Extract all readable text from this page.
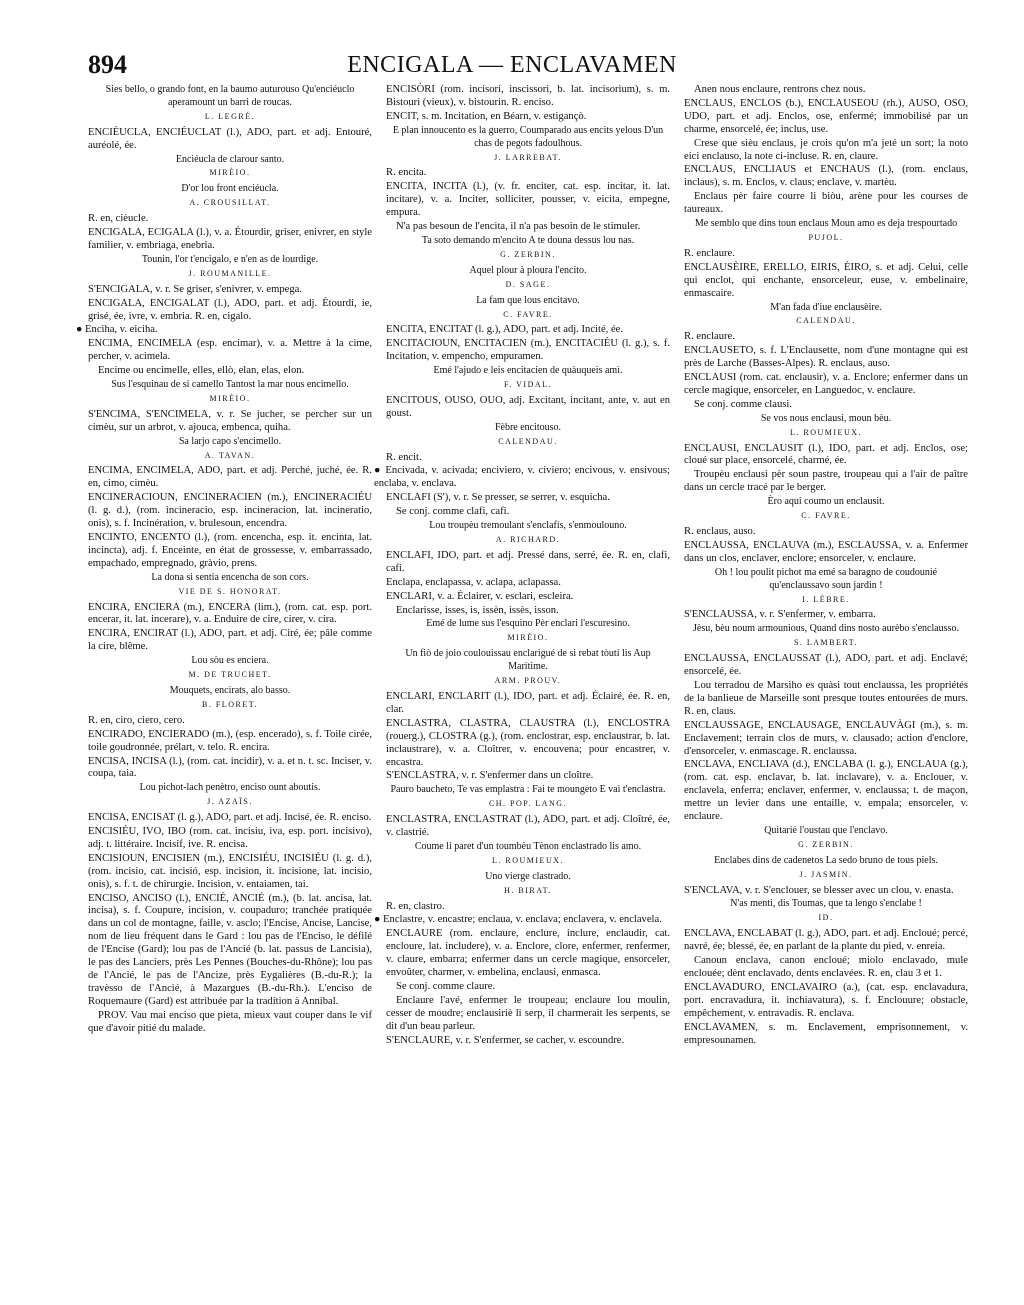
894	ENCIGALA — ENCLAVAMEN

Sies bello, o grando font, en la baumo auturouso Qu'enciéuclo aperamount un barri de roucas.

L. LEGRÉ.

ENCIÉUCLA, ENCIÉUCLAT (l.), ADO, part. et adj. Entouré, auréolé, ée.

Enciéucla de clarour santo.

MIRÈIO.

D'or lou front enciéucla.

A. CROUSILLAT.

R. en, cièucle.

ENCIGALA, ECIGALA (l.), v. a. Étourdir, griser, enivrer, en style familier, v. embriaga, enebria.

Tounin, l'or t'encigalo, e n'en as de lourdige.

J. ROUMANILLE.

S'ENCIGALA, v. r. Se griser, s'enivrer, v. empega.

ENCIGALA, ENCIGALAT (l.), ADO, part. et adj. Étourdi, ie, grisé, ée, ivre, v. embria. R. en, cigalo.

● Enciha, v. eiciha.

ENCIMA, ENCIMELA (esp. encimar), v. a. Mettre à la cime, percher, v. acimela.

Encime ou encimelle, elles, ellò, elan, elas, elon.

Sus l'esquinau de si camello Tantost la mar nous encimello.

MIRÈIO.

S'ENCIMA, S'ENCIMELA, v. r. Se jucher, se percher sur un cimèu, sur un arbrot, v. ajouca, embenca, quiha.

Sa larjo capo s'encimello.

A. TAVAN.

ENCIMA, ENCIMELA, ADO, part. et adj. Perché, juché, ée. R. en, cimo, cimèu.

ENCINERACIOUN, ENCINERACIEN (m.), ENCINERACIÉU (l. g. d.), (rom. incineracio, esp. incineracion, lat. incineratio, onis), s. f. Incinération, v. brulesoun, encendra.

ENCINTO, ENCENTO (l.), (rom. encencha, esp. it. encinta, lat. incincta), adj. f. Enceinte, en état de grossesse, v. embarrassado, empachado, empregnado, gràvio, prens.

La dona si sentia encencha de son cors.

VIE DE S. HONORAT.

ENCIRA, ENCIERA (m.), ENCERA (lim.), (rom. cat. esp. port. encerar, it. lat. incerare), v. a. Enduire de cire, cirer, v. cira.

ENCIRA, ENCIRAT (l.), ADO, part. et adj. Ciré, ée; pâle comme la cire, blême.

Lou sòu es enciera.

M. DE TRUCHET.

Mouquets, encirats, alo basso.

B. FLORET.

R. en, ciro, ciero, cero.

ENCIRADO, ENCIERADO (m.), (esp. encerado), s. f. Toile cirée, toile goudronnée, prélart, v. telo. R. encira.

ENCISA, INCISA (l.), (rom. cat. incidir), v. a. et n. t. sc. Inciser, v. coupa, taia.

Lou pichot-lach penètro, enciso ount aboutis.

J. AZAÏS.

ENCISA, ENCISAT (l. g.), ADO, part. et adj. Incisé, ée. R. enciso.

ENCISIÉU, IVO, IBO (rom. cat. incisiu, iva, esp. port. incisivo), adj. t. littéraire. Incisif, ive. R. encisa.

ENCISIOUN, ENCISIEN (m.), ENCISIÉU, INCISIÉU (l. g. d.), (rom. incisio, cat. incisió, esp. incision, it. incisione, lat. incisio, onis), s. f. t. de chirurgie. Incision, v. entaiamen, tai.

ENCISO, ANCISO (l.), ENCIÉ, ANCIÉ (m.), (b. lat. ancisa, lat. incisa), s. f. Coupure, incision, v. coupaduro; tranchée pratiquée dans un col de montagne, faille, v. asclo; l'Encise, Ancise, Lancise, nom de lieu fréquent dans le Gard : lou pas de l'Enciso, le défilé de l'Encise (Gard); lou pas de l'Ancié (b. lat. passus de Lancisia), le pas des Lanciers, près Les Pennes (Bouches-du-Rhône); lou pas de l'Ancié, le pas de l'Ancize, près Eygalières (B.-du-R.); la travèsso de l'Ancié, à Mazargues (B.-du-Rh.). L'enciso de Roquemaure (Gard) est attribuée par la tradition à Annibal.

PROV. Vau mai enciso que pieta, mieux vaut couper dans le vif que d'avoir pitié du malade.

ENCISÒRI (rom. incisori, inscissori, b. lat. incisorium), s. m. Bistouri (vieux), v. bistourin. R. enciso.

ENCIT, s. m. Incitation, en Béarn, v. estigançò.

E plan innoucento es la guerro, Coumparado aus encits yelous D'un chas de pegots fadoulhous.

J. LARREBAT.

R. encita.

ENCITA, INCITA (l.), (v. fr. enciter, cat. esp. incitar, it. lat. incitare), v. a. Inciter, solliciter, pousser, v. eicita, empegne, empura.

N'a pas besoun de l'encita, il n'a pas besoin de le stimuler.

Ta soto demando m'encito A te douna dessus lou nas.

G. ZERBIN.

Aquel plour à ploura l'encito.

D. SAGE.

La fam que lous encitavo.

C. FAVRE.

ENCITA, ENCITAT (l. g.), ADO, part. et adj. Incité, ée.

ENCITACIOUN, ENCITACIEN (m.), ENCITACIÉU (l. g.), s. f. Incitation, v. empencho, empuramen.

Emé l'ajudo e leis encitacien de quàuqueis amì.

F. VIDAL.

ENCITOUS, OUSO, OUO, adj. Excitant, incitant, ante, v. aut en goust.

Fèbre encitouso.

CALENDAU.

R. encit.

● Encivada, v. acivada; enciviero, v. civiero; encivous, v. ensivous; enclaba, v. enclava.

ENCLAFI (S'), v. r. Se presser, se serrer, v. esquicha.

Se conj. comme clafi, cafi.

Lou troupèu tremoulant s'enclafis, s'enmoulouno.

A. RICHARD.

ENCLAFI, IDO, part. et adj. Pressé dans, serré, ée. R. en, clafi, cafi.

Enclapa, enclapassa, v. aclapa, aclapassa.

ENCLARI, v. a. Éclairer, v. esclari, escleira.

Enclarisse, isses, is, issèn, issès, isson.

Emé de lume sus l'esquino Pèr enclari l'escuresino.

MIRÈIO.

Un fiò de joio coulouissau enclarigué de si rebat tòuti lis Aup Maritime.

ARM. PROUV.

ENCLARI, ENCLARIT (l.), IDO, part. et adj. Éclairé, ée. R. en, clar.

ENCLASTRA, CLASTRA, CLAUSTRA (l.), ENCLOSTRA (rouerg.), CLOSTRA (g.), (rom. enclostrar, esp. enclaustrar, b. lat. inclaustrare), v. a. Cloîtrer, v. encouvena; pour encastrer, v. encastra.

S'ENCLASTRA, v. r. S'enfermer dans un cloître.

Pauro baucheto, Te vas emplastra : Fai te moungeto E vai t'enclastra.

CH. POP. LANG.

ENCLASTRA, ENCLASTRAT (l.), ADO, part. et adj. Cloîtré, ée, v. clastrié.

Coume li paret d'un toumbèu Tènon enclastrado lis amo.

L. ROUMIEUX.

Uno vierge clastrado.

H. BIRAT.

R. en, clastro.

● Enclastre, v. encastre; enclaua, v. enclava; enclavera, v. enclavela.

ENCLAURE (rom. enclaure, enclure, inclure, enclaudir, cat. encloure, lat. includere), v. a. Enclore, clore, enfermer, renfermer, v. claure, embarra; enfermer dans un cercle magique, ensorceler, envoûter, charmer, v. embelina, enclausi, enmasca.

Se conj. comme claure.

Enclaure l'avé, enfermer le troupeau; enclaure lou moulin, cesser de moudre; enclausiriè li serp, il charmerait les serpents, se dit d'un beau parleur.

S'ENCLAURE, v. r. S'enfermer, se cacher, v. escoundre.

Anen nous enclaure, rentrons chez nous.

ENCLAUS, ENCLOS (b.), ENCLAUSEOU (rh.), AUSO, OSO, UDO, part. et adj. Enclos, ose, enfermé; immobilisé par un charme, ensorcelé, ée; inclus, use.

Crese que sièu enclaus, je crois qu'on m'a jeté un sort; la noto eici enclauso, la note ci-incluse. R. en, claure.

ENCLAUS, ENCLIAUS et ENCHAUS (l.), (rom. enclaus, inclaus), s. m. Enclos, v. claus; enclave, v. martèu.

Enclaus pèr faire courre li biòu, arène pour les courses de taureaux.

Me semblo que dins toun enclaus Moun amo es deja trespourtado

PUJOL.

R. enclaure.

ENCLAUSÈIRE, ERELLO, EIRIS, ÈIRO, s. et adj. Celui, celle qui enclot, qui enchante, ensorceleur, euse, v. embelinaire, enmascaire.

M'an fada d'iue enclausèire.

CALENDAU.

R. enclaure.

ENCLAUSETO, s. f. L'Enclausette, nom d'une montagne qui est près de Larche (Basses-Alpes). R. enclaus, auso.

ENCLAUSI (rom. cat. enclausir), v. a. Enclore; enfermer dans un cercle magique, ensorceler, en Languedoc, v. enclaure.

Se conj. comme clausi.

Se vos nous enclausi, moun bèu.

L. ROUMIEUX.

ENCLAUSI, ENCLAUSIT (l.), IDO, part. et adj. Enclos, ose; cloué sur place, ensorcelé, charmé, ée.

Troupèu enclausi pèr soun pastre, troupeau qui a l'air de paître dans un cercle tracé par le berger.

Èro aqui coumo un enclausit.

C. FAVRE.

R. enclaus, auso.

ENCLAUSSA, ENCLAUVA (m.), ESCLAUSSA, v. a. Enfermer dans un clos, enclaver, enclore; ensorceler, v. enclaure.

Oh ! lou poulit pichot ma emé sa baragno de coudounié qu'enclaussavo soun jardin !

I. LÈBRE.

S'ENCLAUSSA, v. r. S'enfermer, v. embarra.

Jèsu, bèu noum armounious, Quand dins nosto aurèbo s'enclausso.

S. LAMBERT.

ENCLAUSSA, ENCLAUSSAT (l.), ADO, part. et adj. Enclavé; ensorcelé, ée.

Lou terradou de Marsiho es quàsi tout enclaussa, les propriétés de la banlieue de Marseille sont presque toutes entourées de murs. R. en, claus.

ENCLAUSSAGE, ENCLAUSAGE, ENCLAUVÀGI (m.), s. m. Enclavement; terrain clos de murs, v. clausado; action d'enclore, d'ensorceler, v. enmascage. R. enclaussa.

ENCLAVA, ENCLIAVA (d.), ENCLABA (l. g.), ENCLAUA (g.), (rom. cat. esp. enclavar, b. lat. inclavare), v. a. Enclouer, v. enclavela, enferra; enclaver, enfermer, v. enclaussa; t. de maçon, mettre un levier dans une entaille, v. empala; ensorceler, v. enclaure.

Quitarié l'oustau que l'enclavo.

G. ZERBIN.

Enclabes dins de cadenetos La sedo bruno de tous piels.

J. JASMIN.

S'ENCLAVA, v. r. S'enclouer, se blesser avec un clou, v. enasta.

N'as menti, dis Toumas, que ta lengo s'enclabe !

ID.

ENCLAVA, ENCLABAT (l. g.), ADO, part. et adj. Encloué; percé, navré, ée; blessé, ée, en parlant de la plante du pied, v. enreia.

Canoun enclava, canon encloué; miolo enclavado, mule enclouée; dènt enclavado, dents enclavées. R. en, clau 3 et 1.

ENCLAVADURO, ENCLAVAIRO (a.), (cat. esp. enclavadura, port. encravadura, it. inchiavatura), s. f. Enclouure; obstacle, empêchement, v. entravadis. R. enclava.

ENCLAVAMEN, s. m. Enclavement, emprisonnement, v. empresounamen.
